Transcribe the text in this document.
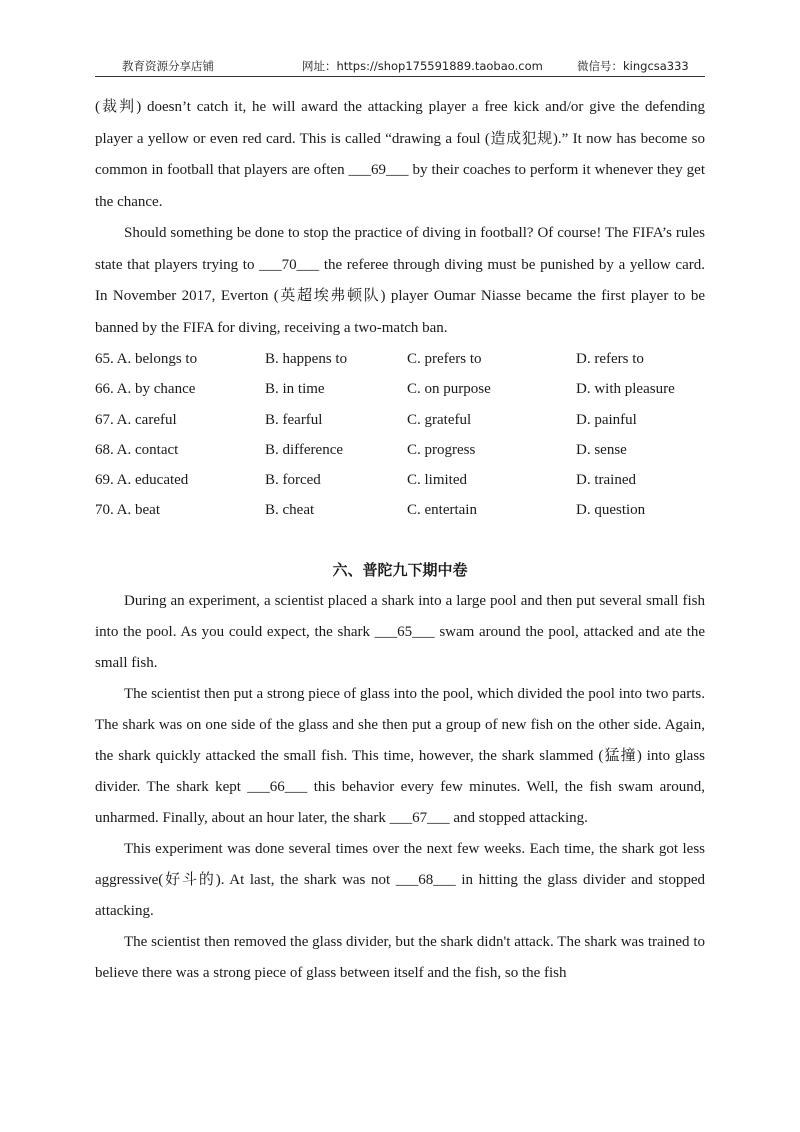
教育资源分享店铺	网址：https://shop175591889.taobao.com	微信号：kingcsa333

(裁判) doesn’t catch it, he will award the attacking player a free kick and/or give the defending player a yellow or even red card. This is called “drawing a foul (造成犯规).” It now has become so common in football that players are often ___69___ by their coaches to perform it whenever they get the chance.

Should something be done to stop the practice of diving in football? Of course! The FIFA’s rules state that players trying to ___70___ the referee through diving must be punished by a yellow card. In November 2017, Everton (英超埃弗顿队) player Oumar Niasse became the first player to be banned by the FIFA for diving, receiving a two-match ban.

65. A. belongs to	B. happens to	C. prefers to	D. refers to
66. A. by chance	B. in time	C. on purpose	D. with pleasure
67. A. careful	B. fearful	C. grateful	D. painful
68. A. contact	B. difference	C. progress	D. sense
69. A. educated	B. forced	C. limited	D. trained
70. A. beat	B. cheat	C. entertain	D. question
六、普陀九下期中卷

During an experiment, a scientist placed a shark into a large pool and then put several small fish into the pool. As you could expect, the shark ___65___ swam around the pool, attacked and ate the small fish.

The scientist then put a strong piece of glass into the pool, which divided the pool into two parts. The shark was on one side of the glass and she then put a group of new fish on the other side. Again, the shark quickly attacked the small fish. This time, however, the shark slammed (猛撞) into glass divider. The shark kept ___66___ this behavior every few minutes. Well, the fish swam around, unharmed. Finally, about an hour later, the shark ___67___ and stopped attacking.

This experiment was done several times over the next few weeks. Each time, the shark got less aggressive(好斗的). At last, the shark was not ___68___ in hitting the glass divider and stopped attacking.

The scientist then removed the glass divider, but the shark didn't attack. The shark was trained to believe there was a strong piece of glass between itself and the fish, so the fish
